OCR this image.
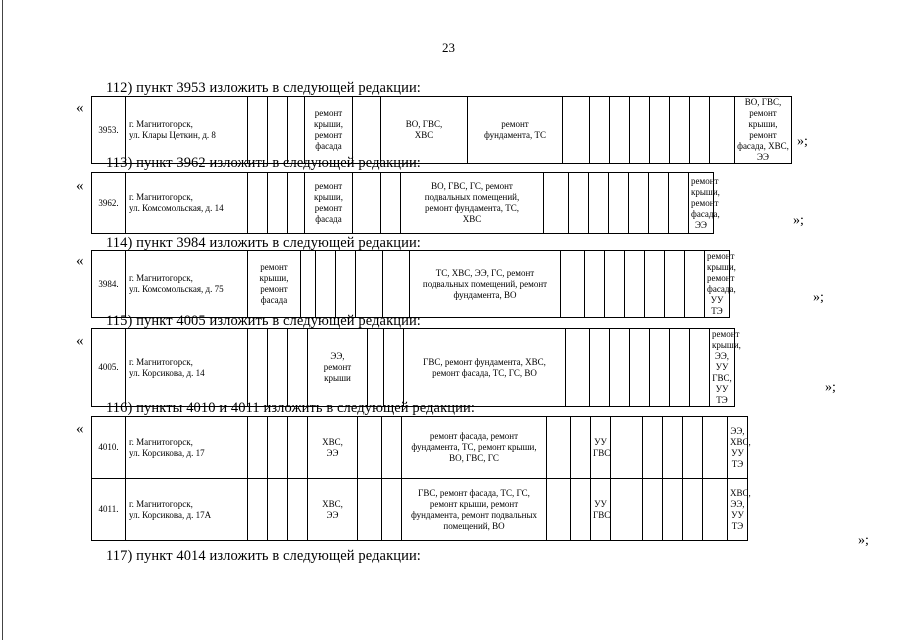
23
112) пункт 3953 изложить в следующей редакции:
«
3953.	г. Магнитогорск,
ул. Клары Цеткин, д. 8				ремонт
крыши,
ремонт
фасада		ВО, ГВС,
ХВС	ремонт
фундамента, ТС									ВО, ГВС, ремонт
крыши, ремонт
фасада, ХВС, ЭЭ
»;
113) пункт 3962 изложить в следующей редакции:
«
3962.	г. Магнитогорск,
ул. Комсомольская, д. 14				ремонт
крыши,
ремонт
фасада			ВО, ГВС, ГС, ремонт
подвальных помещений,
ремонт фундамента, ТС,
ХВС								ремонт крыши,
ремонт фасада,
ЭЭ	»;
114) пункт 3984 изложить в следующей редакции:
«
3984.	г. Магнитогорск,
ул. Комсомольская, д. 75	ремонт
крыши,
ремонт
фасада						ТС, ХВС, ЭЭ, ГС, ремонт
подвальных помещений, ремонт
фундамента, ВО								ремонт крыши,
ремонт фасада,
УУ ТЭ
»;
115) пункт 4005 изложить в следующей редакции:
«
4005.	г. Магнитогорск,
ул. Корсикова, д. 14				ЭЭ,
ремонт
крыши			ГВС, ремонт фундамента, ХВС,
ремонт фасада, ТС, ГС, ВО								ремонт
крыши, ЭЭ,
УУ ГВС, УУ
ТЭ
»;
116) пункты 4010 и 4011 изложить в следующей редакции:
«
4010.	г. Магнитогорск,
ул. Корсикова, д. 17				ХВС,
ЭЭ			ремонт фасада, ремонт
фундамента, ТС, ремонт крыши,
ВО, ГВС, ГС			УУ
ГВС						ЭЭ, ХВС,
УУ ТЭ
4011.	г. Магнитогорск,
ул. Корсикова, д. 17А				ХВС,
ЭЭ			ГВС, ремонт фасада, ТС, ГС,
ремонт крыши, ремонт
фундамента, ремонт подвальных
помещений, ВО			УУ
ГВС						ХВС, ЭЭ,
УУ ТЭ
»;
117) пункт 4014 изложить в следующей редакции:
